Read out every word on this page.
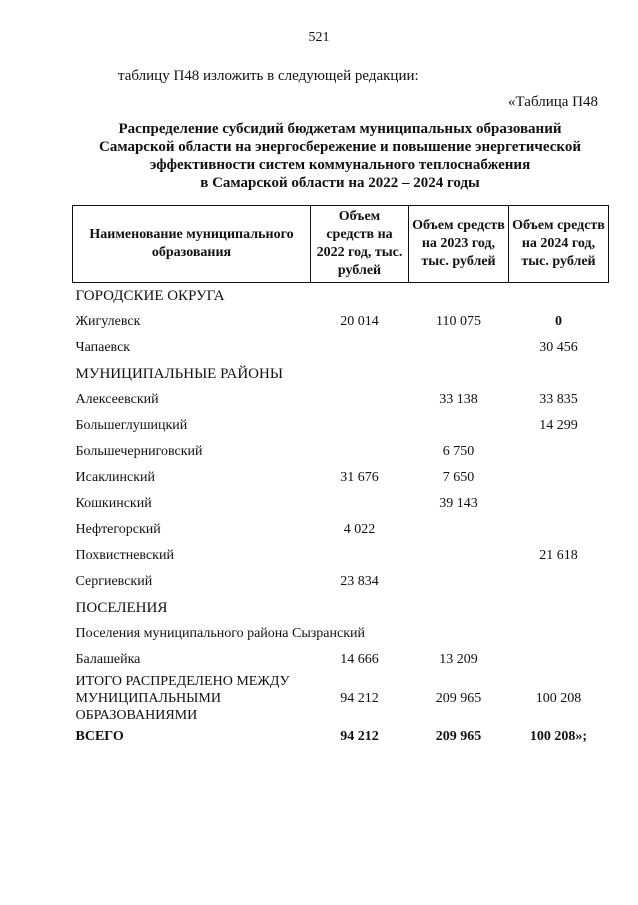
521
таблицу П48 изложить в следующей редакции:
«Таблица П48
Распределение субсидий бюджетам муниципальных образований
Самарской области на энергосбережение и повышение энергетической
эффективности систем коммунального теплоснабжения
в Самарской области на 2022 – 2024 годы
Наименование муниципального образования	Объем средств на 2022 год, тыс. рублей	Объем средств на 2023 год, тыс. рублей	Объем средств на 2024 год, тыс. рублей
ГОРОДСКИЕ ОКРУГА			
Жигулевск	20 014	110 075	0
Чапаевск			30 456
МУНИЦИПАЛЬНЫЕ РАЙОНЫ			
Алексеевский		33 138	33 835
Большеглушицкий			14 299
Большечерниговский		6 750	
Исаклинский	31 676	7 650	
Кошкинский		39 143	
Нефтегорский	4 022		
Похвистневский			21 618
Сергиевский	23 834		
ПОСЕЛЕНИЯ			
Поселения муниципального района Сызранский			
Балашейка	14 666	13 209	
ИТОГО РАСПРЕДЕЛЕНО МЕЖДУ МУНИЦИПАЛЬНЫМИ ОБРАЗОВАНИЯМИ	94 212	209 965	100 208
ВСЕГО	94 212	209 965	100 208»;
